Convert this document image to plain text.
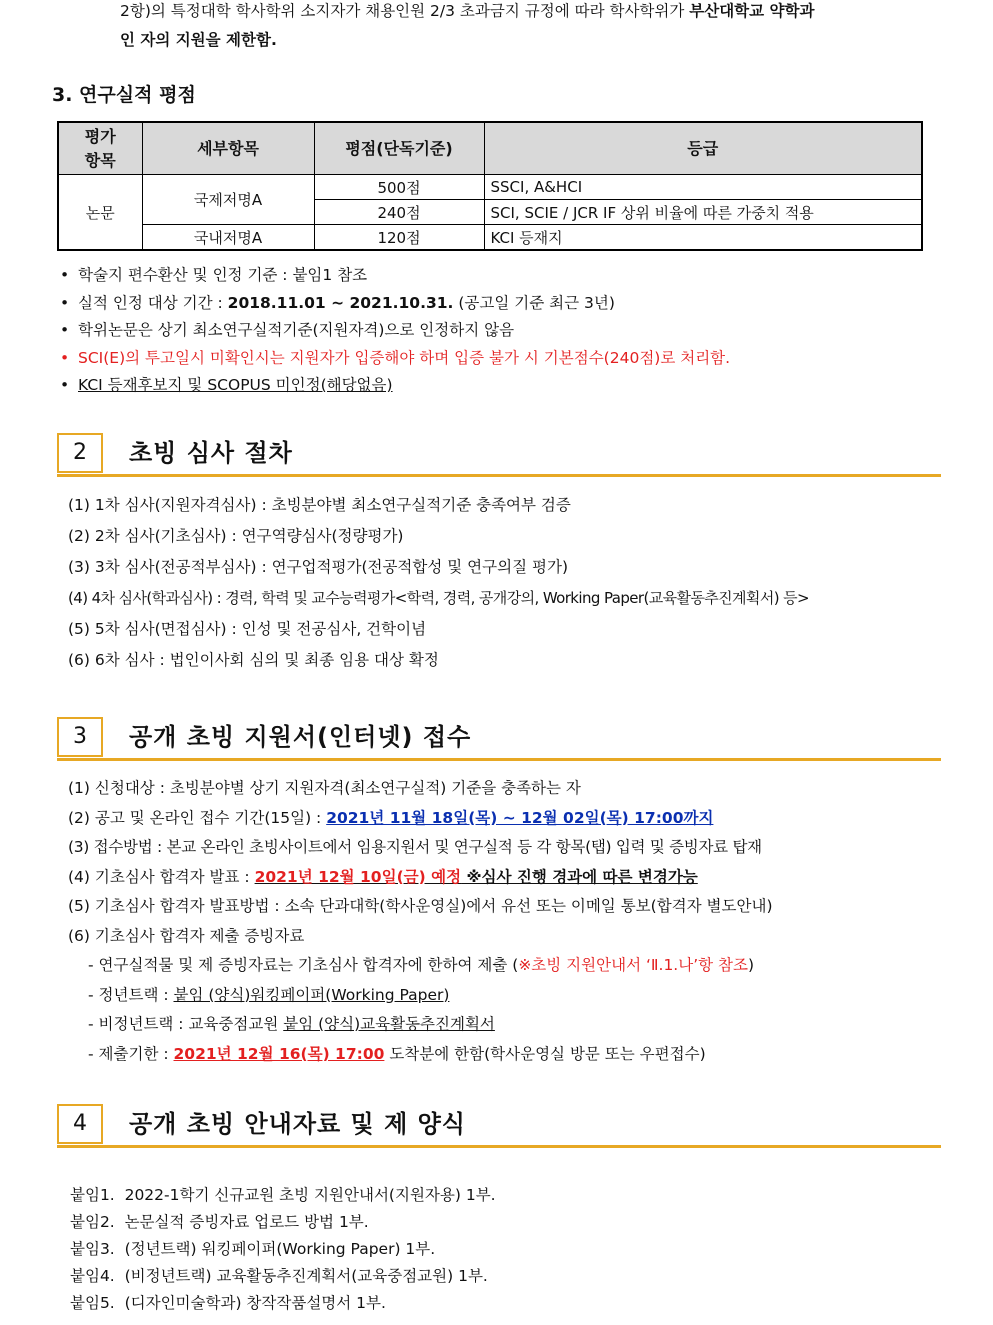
2항)의 특정대학 학사학위 소지자가 채용인원 2/3 초과금지 규정에 따라 학사학위가 부산대학교 약학과
인 자의 지원을 제한함.
3. 연구실적 평점
평가
항목	세부항목	평점(단독기준)	등급
논문	국제저명A	500점	SSCI, A&HCI
		240점	SCI, SCIE / JCR IF 상위 비율에 따른 가중치 적용
	국내저명A	120점	KCI 등재지
• 학술지 편수환산 및 인정 기준 : 붙임1 참조
• 실적 인정 대상 기간 : 2018.11.01 ~ 2021.10.31. (공고일 기준 최근 3년)
• 학위논문은 상기 최소연구실적기준(지원자격)으로 인정하지 않음
• SCI(E)의 투고일시 미확인시는 지원자가 입증해야 하며 입증 불가 시 기본점수(240점)로 처리함.
• KCI 등재후보지 및 SCOPUS 미인정(해당없음)
2	초빙 심사 절차
(1) 1차 심사(지원자격심사) : 초빙분야별 최소연구실적기준 충족여부 검증
(2) 2차 심사(기초심사) : 연구역량심사(정량평가)
(3) 3차 심사(전공적부심사) : 연구업적평가(전공적합성 및 연구의질 평가)
(4) 4차 심사(학과심사) : 경력, 학력 및 교수능력평가<학력, 경력, 공개강의, Working Paper(교육활동추진계획서) 등>
(5) 5차 심사(면접심사) : 인성 및 전공심사, 건학이념
(6) 6차 심사 : 법인이사회 심의 및 최종 임용 대상 확정
3	공개 초빙 지원서(인터넷) 접수
(1) 신청대상 : 초빙분야별 상기 지원자격(최소연구실적) 기준을 충족하는 자
(2) 공고 및 온라인 접수 기간(15일) : 2021년 11월 18일(목) ~ 12월 02일(목) 17:00까지
(3) 접수방법 : 본교 온라인 초빙사이트에서 임용지원서 및 연구실적 등 각 항목(탭) 입력 및 증빙자료 탑재
(4) 기초심사 합격자 발표 : 2021년 12월 10일(금) 예정 ※심사 진행 경과에 따른 변경가능
(5) 기초심사 합격자 발표방법 : 소속 단과대학(학사운영실)에서 유선 또는 이메일 통보(합격자 별도안내)
(6) 기초심사 합격자 제출 증빙자료
- 연구실적물 및 제 증빙자료는 기초심사 합격자에 한하여 제출 (※초빙 지원안내서 ‘Ⅱ.1.나’항 참조)
- 정년트랙 : 붙임 (양식)워킹페이퍼(Working Paper)
- 비정년트랙 : 교육중점교원 붙임 (양식)교육활동추진계획서
- 제출기한 : 2021년 12월 16(목) 17:00 도착분에 한함(학사운영실 방문 또는 우편접수)
4	공개 초빙 안내자료 및 제 양식
붙임1.  2022-1학기 신규교원 초빙 지원안내서(지원자용) 1부.
붙임2.  논문실적 증빙자료 업로드 방법 1부.
붙임3.  (정년트랙) 워킹페이퍼(Working Paper) 1부.
붙임4.  (비정년트랙) 교육활동추진계획서(교육중점교원) 1부.
붙임5.  (디자인미술학과) 창작작품설명서 1부.
